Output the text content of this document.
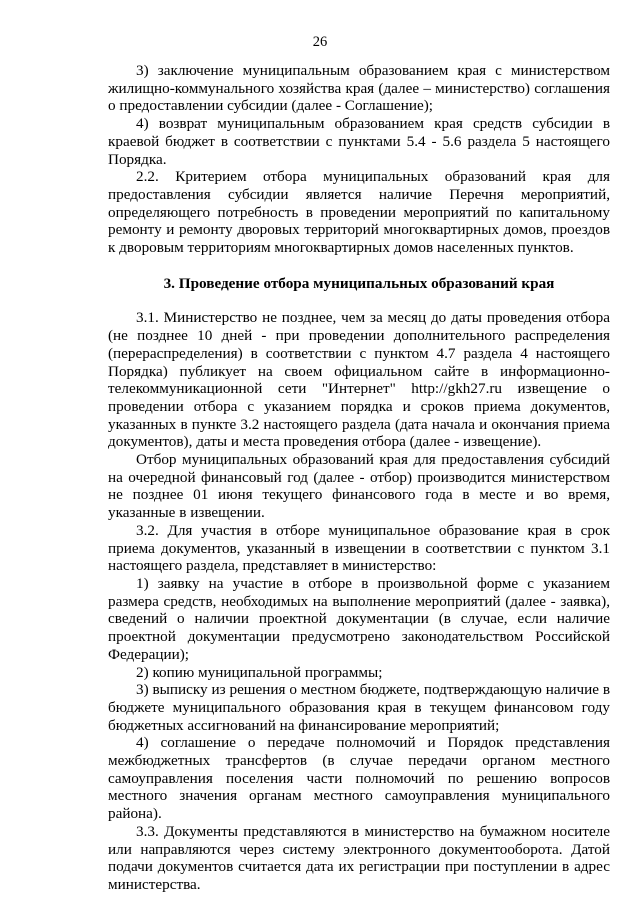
26

3) заключение муниципальным образованием края с министерством жилищно-коммунального хозяйства края (далее – министерство) соглашения о предоставлении субсидии (далее - Соглашение);

4) возврат муниципальным образованием края средств субсидии в краевой бюджет в соответствии с пунктами 5.4 - 5.6 раздела 5 настоящего Порядка.

2.2. Критерием отбора муниципальных образований края для предоставления субсидии является наличие Перечня мероприятий, определяющего потребность в проведении мероприятий по капитальному ремонту и ремонту дворовых территорий многоквартирных домов, проездов к дворовым территориям многоквартирных домов населенных пунктов.

3. Проведение отбора муниципальных образований края

3.1. Министерство не позднее, чем за месяц до даты проведения отбора (не позднее 10 дней - при проведении дополнительного распределения (перераспределения) в соответствии с пунктом 4.7 раздела 4 настоящего Порядка) публикует на своем официальном сайте в информационно-телекоммуникационной сети "Интернет" http://gkh27.ru извещение о проведении отбора с указанием порядка и сроков приема документов, указанных в пункте 3.2 настоящего раздела (дата начала и окончания приема документов), даты и места проведения отбора (далее - извещение).

Отбор муниципальных образований края для предоставления субсидий на очередной финансовый год (далее - отбор) производится министерством не позднее 01 июня текущего финансового года в месте и во время, указанные в извещении.

3.2. Для участия в отборе муниципальное образование края в срок приема документов, указанный в извещении в соответствии с пунктом 3.1 настоящего раздела, представляет в министерство:

1) заявку на участие в отборе в произвольной форме с указанием размера средств, необходимых на выполнение мероприятий (далее - заявка), сведений о наличии проектной документации (в случае, если наличие проектной документации предусмотрено законодательством Российской Федерации);

2) копию муниципальной программы;

3) выписку из решения о местном бюджете, подтверждающую наличие в бюджете муниципального образования края в текущем финансовом году бюджетных ассигнований на финансирование мероприятий;

4) соглашение о передаче полномочий и Порядок представления межбюджетных трансфертов (в случае передачи органом местного самоуправления поселения части полномочий по решению вопросов местного значения органам местного самоуправления муниципального района).

3.3. Документы представляются в министерство на бумажном носителе или направляются через систему электронного документооборота. Датой подачи документов считается дата их регистрации при поступлении в адрес министерства.
